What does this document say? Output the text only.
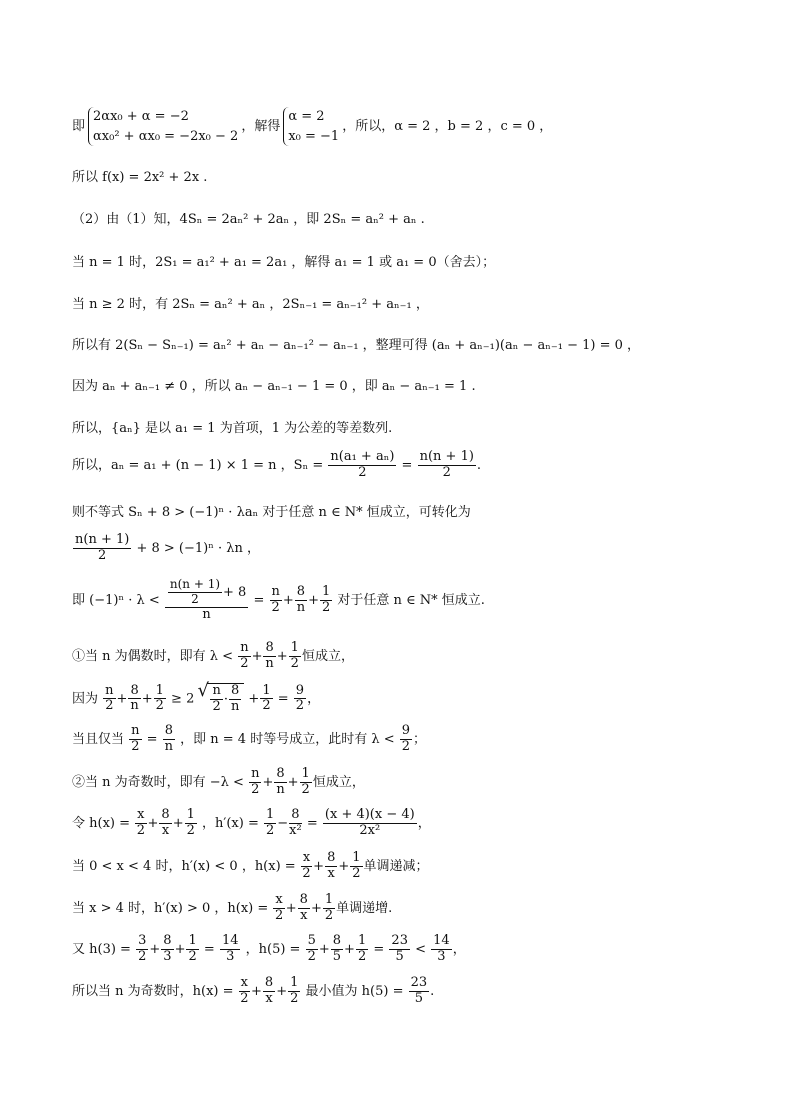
即
2αx₀ + α = −2
αx₀² + αx₀ = −2x₀ − 2
，解得
α = 2
x₀ = −1
，所以，α = 2 ，b = 2 ，c = 0 ，
所以 f(x) = 2x² + 2x .
（2）由（1）知，4Sₙ = 2aₙ² + 2aₙ ，即 2Sₙ = aₙ² + aₙ .
当 n = 1 时，2S₁ = a₁² + a₁ = 2a₁ ，解得 a₁ = 1 或 a₁ = 0（舍去）；
当 n ≥ 2 时，有 2Sₙ = aₙ² + aₙ ，2Sₙ₋₁ = aₙ₋₁² + aₙ₋₁ ，
所以有 2(Sₙ − Sₙ₋₁) = aₙ² + aₙ − aₙ₋₁² − aₙ₋₁ ，整理可得 (aₙ + aₙ₋₁)(aₙ − aₙ₋₁ − 1) = 0 ，
因为 aₙ + aₙ₋₁ ≠ 0 ，所以 aₙ − aₙ₋₁ − 1 = 0 ，即 aₙ − aₙ₋₁ = 1 .
所以，{aₙ} 是以 a₁ = 1 为首项，1 为公差的等差数列.
所以，aₙ = a₁ + (n − 1) × 1 = n ，$S_n = \frac{\text{n(a₁ + aₙ)}}{2} = \frac{n(n + 1)}{2}$ .
则不等式 Sₙ + 8 > (−1)ⁿ · λaₙ 对于任意 n ∈ N* 恒成立，可转化为
$\frac{n(n + 1)}{2} + 8 > (-1)^n \cdot \lambda n$ ，
即 $(-1)^n \cdot \lambda < \frac{\frac{n(n + 1)}{2} + 8}{n} = \frac{n}{2} + \frac{8}{n} + \frac{1}{2}$ 对于任意 n ∈ N* 恒成立.
①当 n 为偶数时，即有 $\lambda < \frac{n}{2} + \frac{8}{n} + \frac{1}{2}$ 恒成立，
因为 $\frac{n}{2} + \frac{8}{n} + \frac{1}{2} \ge 2$
√ $\frac{n}{2} \cdot \frac{8}{n} + \frac{1}{2} = \frac{9}{2}$ ，
当且仅当 $\frac{n}{2} = \frac{8}{n}$ ，即 n = 4 时等号成立，此时有 $\lambda < \frac{9}{2}$ ；
②当 n 为奇数时，即有 $-\lambda < \frac{n}{2} + \frac{8}{n} + \frac{1}{2}$ 恒成立，
令 $h(x) = \frac{x}{2} + \frac{8}{x} + \frac{1}{2}$ ，$h'(x) = \frac{1}{2} - \frac{8}{\text{x²}} = \frac{(x + 4)(x - 4)}{\text{2x²}}$ ，
当 0 < x < 4 时，h′(x) < 0 ，$h(x) = \frac{x}{2} + \frac{8}{x} + \frac{1}{2}$ 单调递减；
当 x > 4 时，h′(x) > 0 ，$h(x) = \frac{x}{2} + \frac{8}{x} + \frac{1}{2}$ 单调递增.
又 $h(3) = \frac{3}{2} + \frac{8}{3} + \frac{1}{2} = \frac{14}{3}$ ，$h(5) = \frac{5}{2} + \frac{8}{5} + \frac{1}{2} = \frac{23}{5} < \frac{14}{3}$ ，
所以当 n 为奇数时，$h(x) = \frac{x}{2} + \frac{8}{x} + \frac{1}{2}$ 最小值为 $h(5) = \frac{23}{5}$ .
